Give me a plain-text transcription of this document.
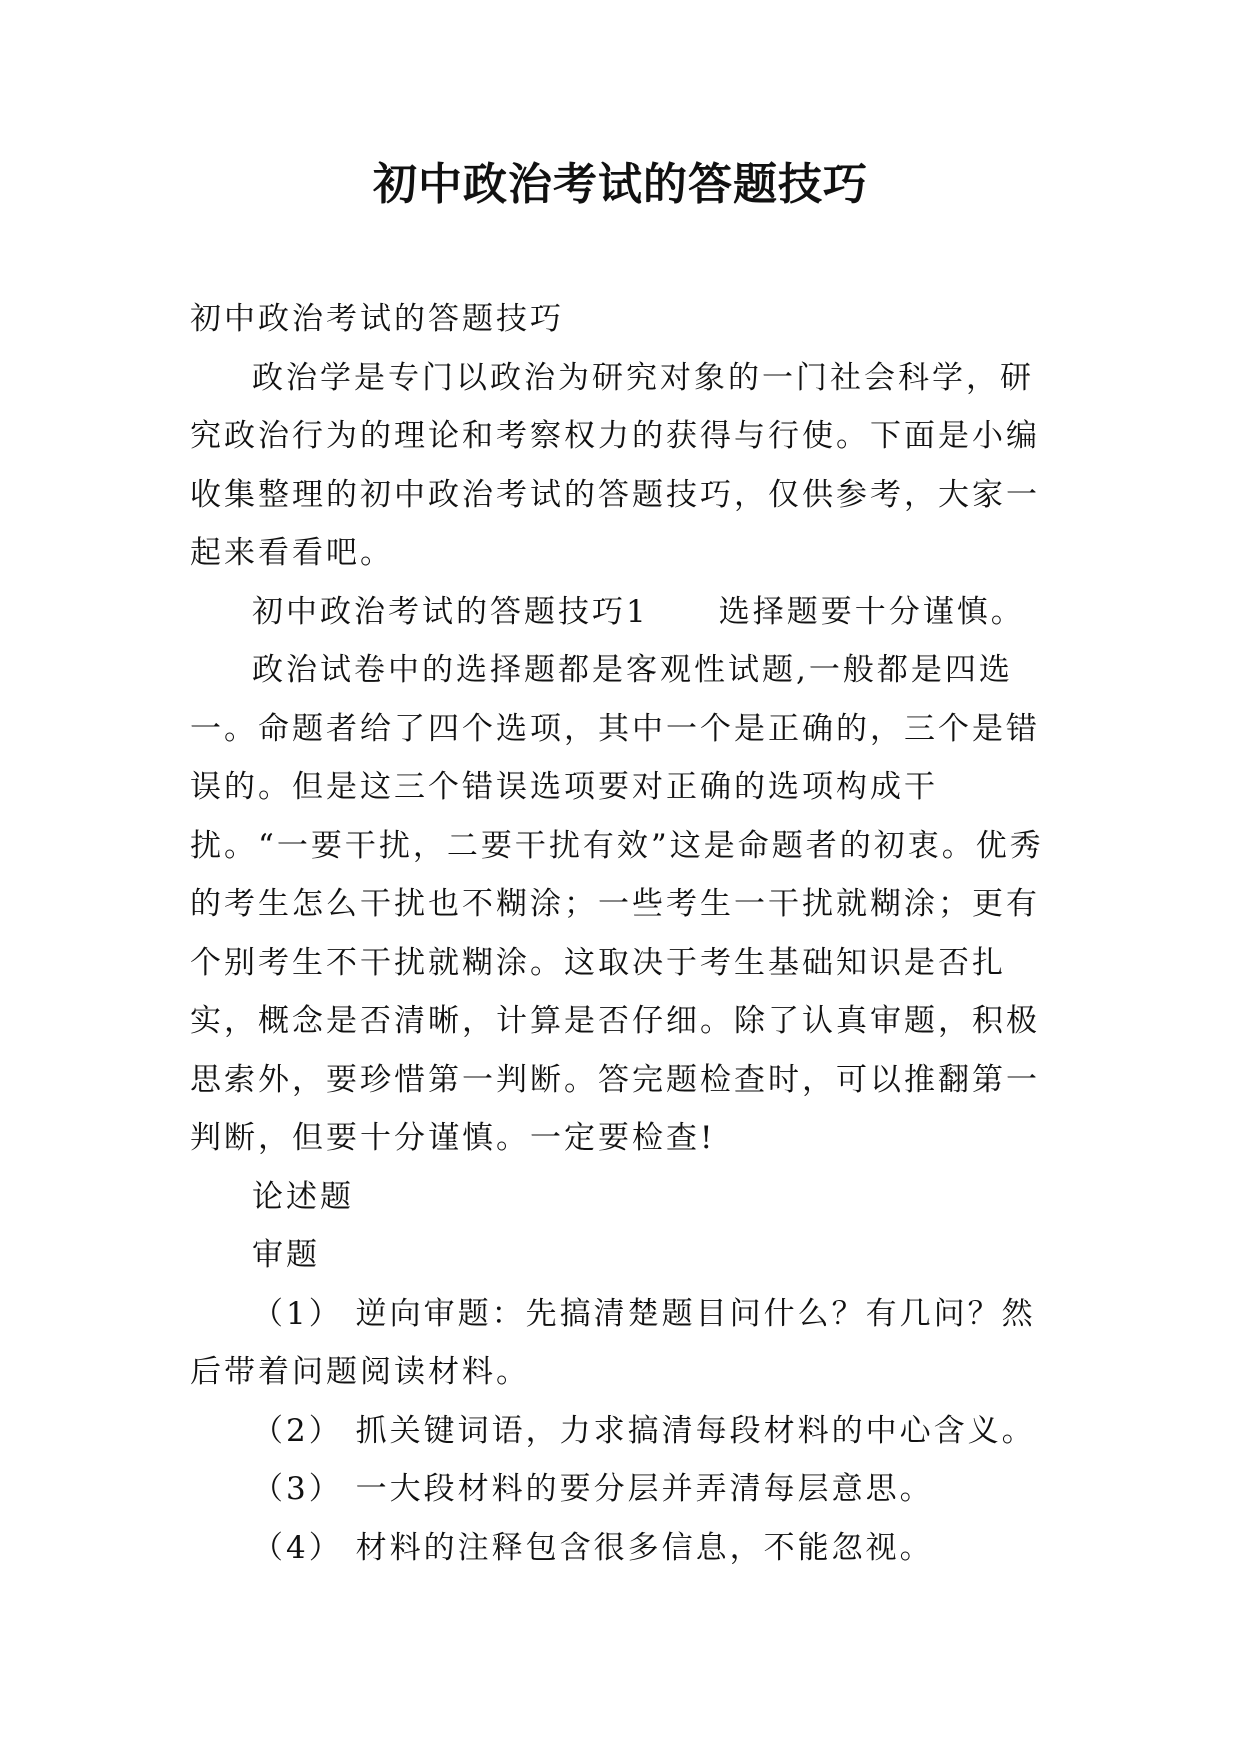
初中政治考试的答题技巧

初中政治考试的答题技巧

政治学是专门以政治为研究对象的一门社会科学，研究政治行为的理论和考察权力的获得与行使。下面是小编收集整理的初中政治考试的答题技巧，仅供参考，大家一起来看看吧。

初中政治考试的答题技巧1 选择题要十分谨慎。

政治试卷中的选择题都是客观性试题,一般都是四选一。命题者给了四个选项，其中一个是正确的，三个是错误的。但是这三个错误选项要对正确的选项构成干扰。“一要干扰，二要干扰有效”这是命题者的初衷。优秀的考生怎么干扰也不糊涂；一些考生一干扰就糊涂；更有个别考生不干扰就糊涂。这取决于考生基础知识是否扎实，概念是否清晰，计算是否仔细。除了认真审题，积极思索外，要珍惜第一判断。答完题检查时，可以推翻第一判断，但要十分谨慎。一定要检查!

论述题

审题

（1） 逆向审题：先搞清楚题目问什么？有几问？然后带着问题阅读材料。

（2） 抓关键词语，力求搞清每段材料的中心含义。

（3） 一大段材料的要分层并弄清每层意思。

（4） 材料的注释包含很多信息，不能忽视。
